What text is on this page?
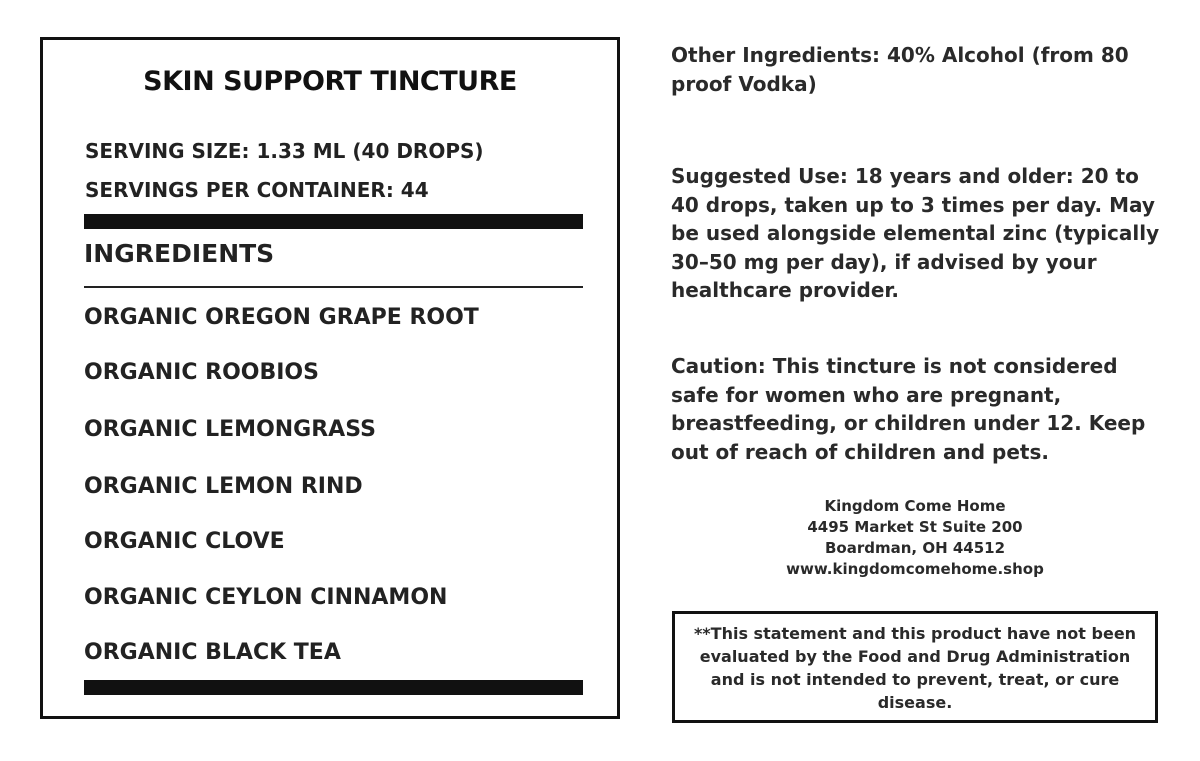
SKIN SUPPORT TINCTURE
SERVING SIZE: 1.33 ML (40 DROPS)
SERVINGS PER CONTAINER: 44
INGREDIENTS
ORGANIC OREGON GRAPE ROOT
ORGANIC ROOBIOS
ORGANIC LEMONGRASS
ORGANIC LEMON RIND
ORGANIC CLOVE
ORGANIC CEYLON CINNAMON
ORGANIC BLACK TEA
Other Ingredients: 40% Alcohol (from 80 proof Vodka)
Suggested Use: 18 years and older: 20 to 40 drops, taken up to 3 times per day. May be used alongside elemental zinc (typically 30–50 mg per day), if advised by your healthcare provider.
Caution: This tincture is not considered safe for women who are pregnant, breastfeeding, or children under 12. Keep out of reach of children and pets.
Kingdom Come Home
4495 Market St Suite 200
Boardman, OH 44512
www.kingdomcomehome.shop
**This statement and this product have not been evaluated by the Food and Drug Administration and is not intended to prevent, treat, or cure disease.
